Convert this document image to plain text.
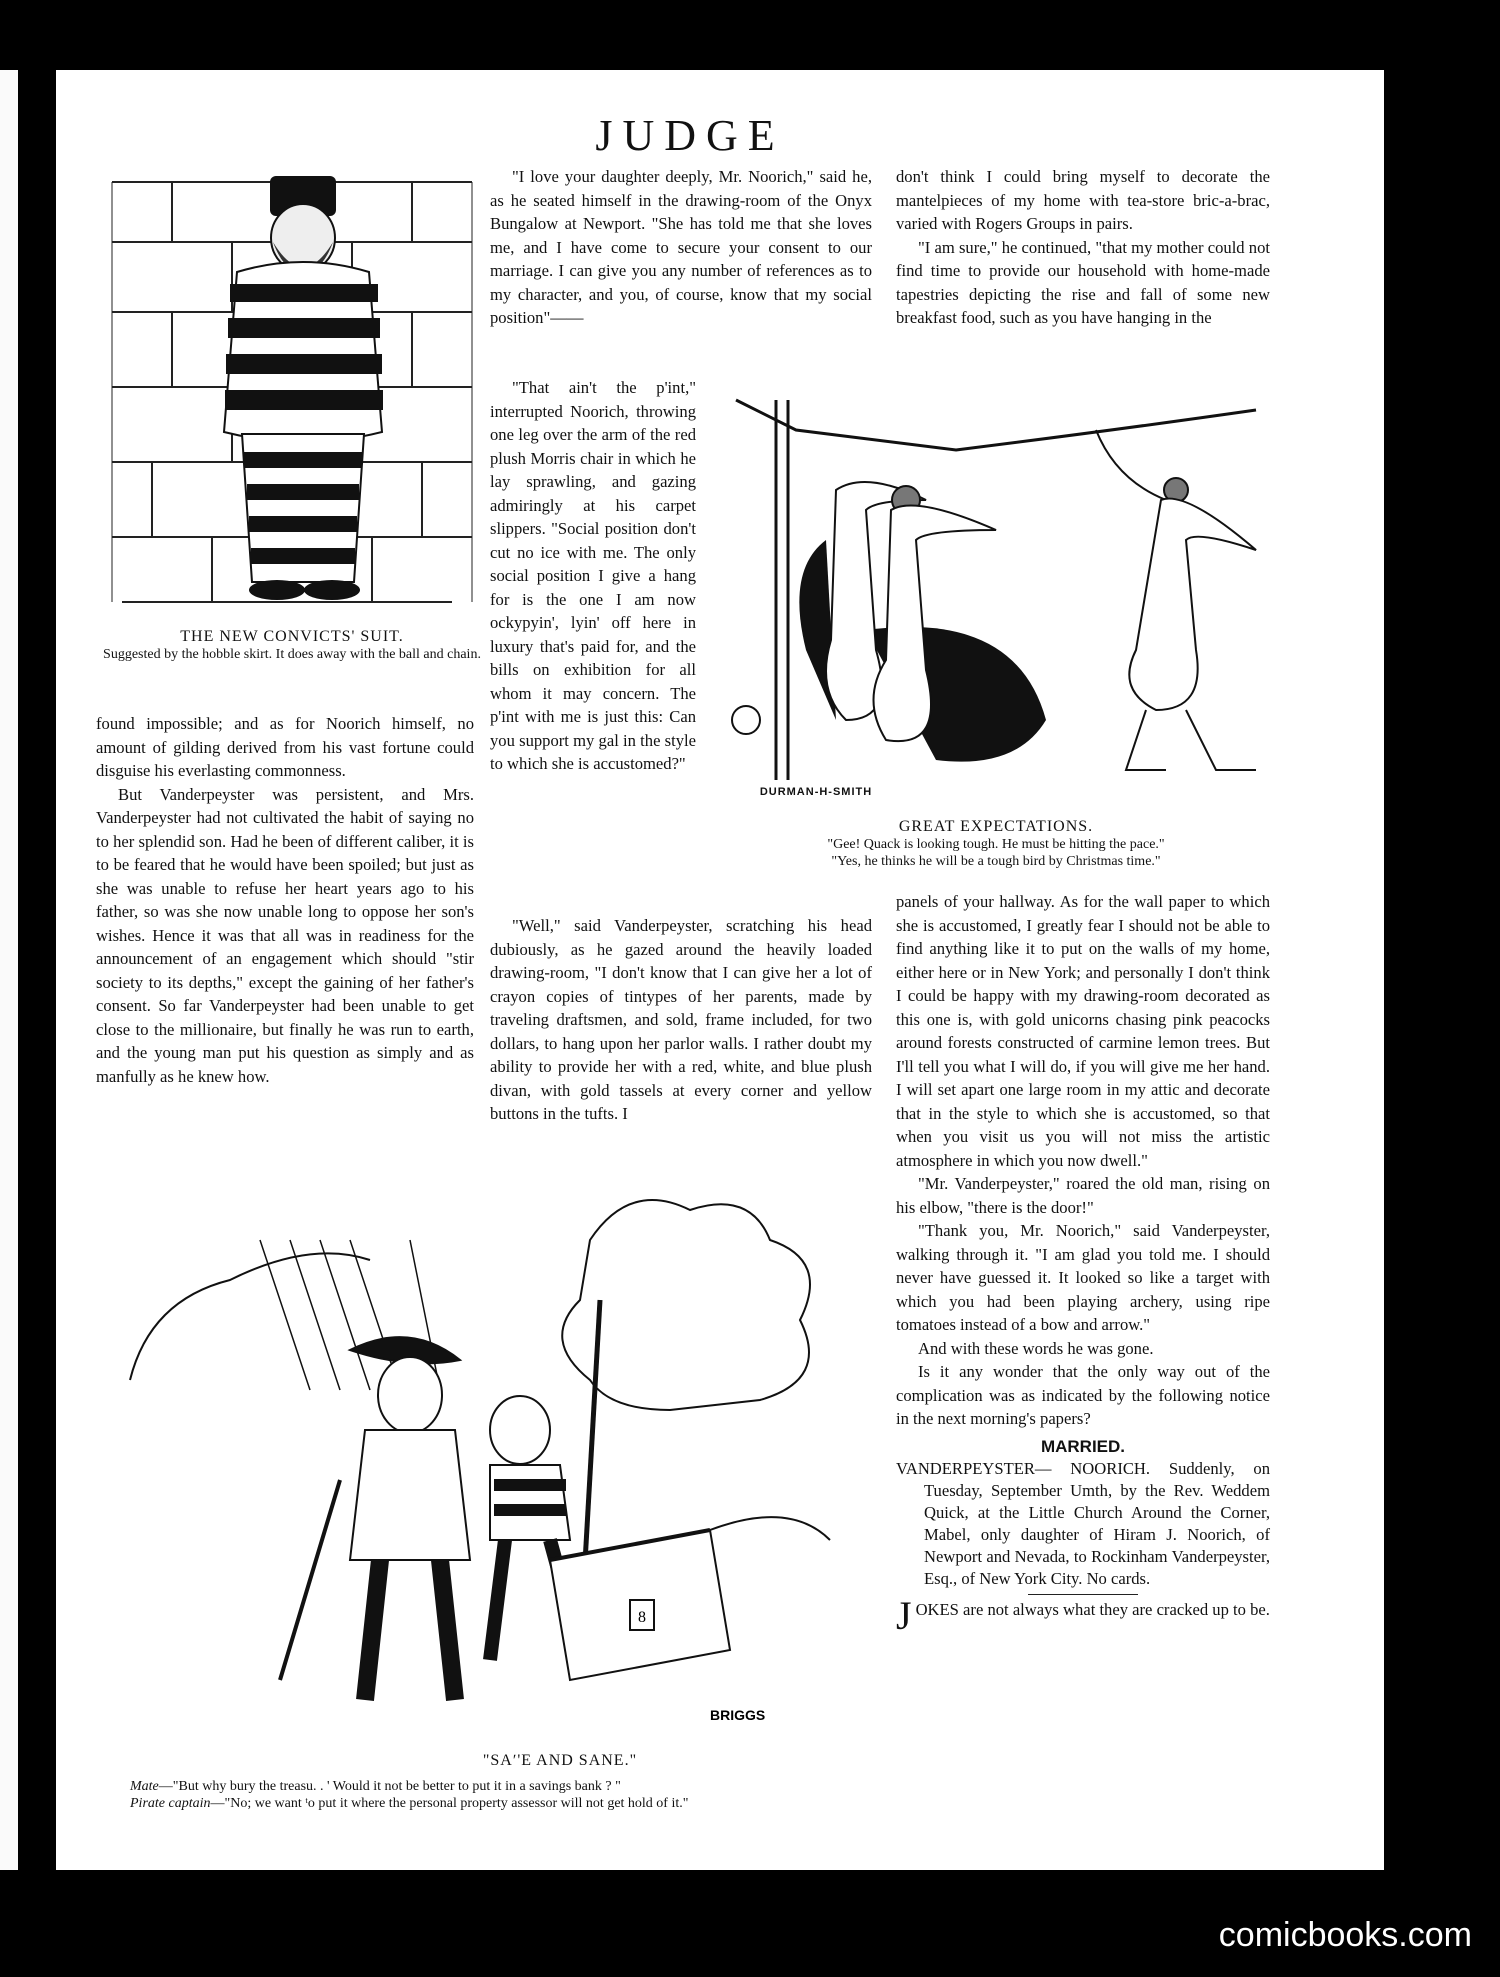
JUDGE
THE NEW CONVICTS' SUIT.
Suggested by the hobble skirt. It does away with the ball and chain.

found impossible; and as for Noorich himself, no amount of gilding derived from his vast fortune could disguise his everlasting commonness.

But Vanderpeyster was persistent, and Mrs. Vanderpeyster had not cultivated the habit of saying no to her splendid son. Had he been of different caliber, it is to be feared that he would have been spoiled; but just as she was unable to refuse her heart years ago to his father, so was she now unable long to oppose her son's wishes. Hence it was that all was in readiness for the announcement of an engagement which should "stir society to its depths," except the gaining of her father's consent. So far Vanderpeyster had been unable to get close to the millionaire, but finally he was run to earth, and the young man put his question as simply and as manfully as he knew how.

"I love your daughter deeply, Mr. Noorich," said he, as he seated himself in the drawing-room of the Onyx Bungalow at Newport. "She has told me that she loves me, and I have come to secure your consent to our marriage. I can give you any number of references as to my character, and you, of course, know that my social position"——

"That ain't the p'int," interrupted Noorich, throwing one leg over the arm of the red plush Morris chair in which he lay sprawling, and gazing admiringly at his carpet slippers. "Social position don't cut no ice with me. The only social position I give a hang for is the one I am now ockypyin', lyin' off here in luxury that's paid for, and the bills on exhibition for all whom it may concern. The p'int with me is just this: Can you support my gal in the style to which she is accustomed?"

"Well," said Vanderpeyster, scratching his head dubiously, as he gazed around the heavily loaded drawing-room, "I don't know that I can give her a lot of crayon copies of tintypes of her parents, made by traveling draftsmen, and sold, frame included, for two dollars, to hang upon her parlor walls. I rather doubt my ability to provide her with a red, white, and blue plush divan, with gold tassels at every corner and yellow buttons in the tufts. I

don't think I could bring myself to decorate the mantelpieces of my home with tea-store bric-a-brac, varied with Rogers Groups in pairs.

"I am sure," he continued, "that my mother could not find time to provide our household with home-made tapestries depicting the rise and fall of some new breakfast food, such as you have hanging in the

DURMAN-H-SMITH
GREAT EXPECTATIONS.
"Gee! Quack is looking tough. He must be hitting the pace."
"Yes, he thinks he will be a tough bird by Christmas time."

panels of your hallway. As for the wall paper to which she is accustomed, I greatly fear I should not be able to find anything like it to put on the walls of my home, either here or in New York; and personally I don't think I could be happy with my drawing-room decorated as this one is, with gold unicorns chasing pink peacocks around forests constructed of carmine lemon trees. But I'll tell you what I will do, if you will give me her hand. I will set apart one large room in my attic and decorate that in the style to which she is accustomed, so that when you visit us you will not miss the artistic atmosphere in which you now dwell."

"Mr. Vanderpeyster," roared the old man, rising on his elbow, "there is the door!"

"Thank you, Mr. Noorich," said Vanderpeyster, walking through it. "I am glad you told me. I should never have guessed it. It looked so like a target with which you had been playing archery, using ripe tomatoes instead of a bow and arrow."

And with these words he was gone.

Is it any wonder that the only way out of the complication was as indicated by the following notice in the next morning's papers?

MARRIED.
VANDERPEYSTER— NOORICH. Suddenly, on Tuesday, September Umth, by the Rev. Weddem Quick, at the Little Church Around the Corner, Mabel, only daughter of Hiram J. Noorich, of Newport and Nevada, to Rockinham Vanderpeyster, Esq., of New York City. No cards.
JOKES are not always what they are cracked up to be.
8
BRIGGS
"SAʹ'E AND SANE."
Mate—"But why bury the treasu. . ' Would it not be better to put it in a savings bank ? "
Pirate captain—"No; we want ᵗo put it where the personal property assessor will not get hold of it."
comicbooks.com
